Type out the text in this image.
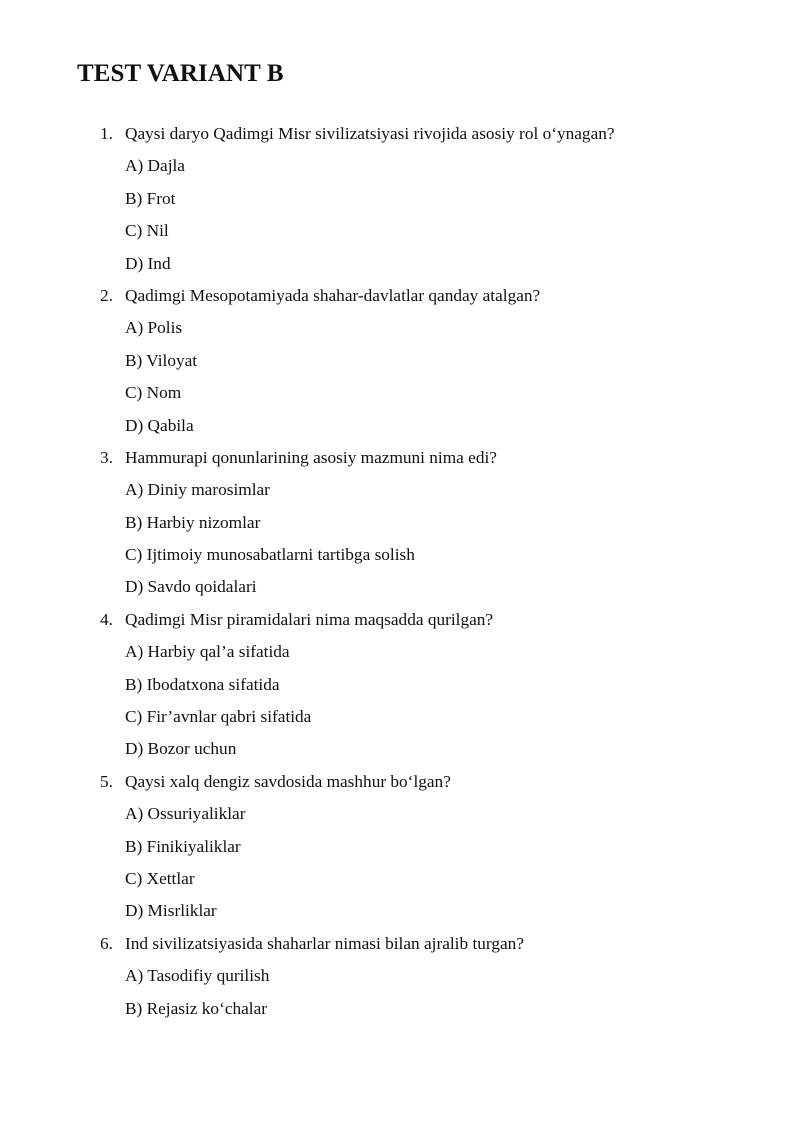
TEST VARIANT B
1. Qaysi daryo Qadimgi Misr sivilizatsiyasi rivojida asosiy rol o‘ynagan?
A) Dajla
B) Frot
C) Nil
D) Ind
2. Qadimgi Mesopotamiyada shahar-davlatlar qanday atalgan?
A) Polis
B) Viloyat
C) Nom
D) Qabila
3. Hammurapi qonunlarining asosiy mazmuni nima edi?
A) Diniy marosimlar
B) Harbiy nizomlar
C) Ijtimoiy munosabatlarni tartibga solish
D) Savdo qoidalari
4. Qadimgi Misr piramidalari nima maqsadda qurilgan?
A) Harbiy qal’a sifatida
B) Ibodatxona sifatida
C) Fir’avnlar qabri sifatida
D) Bozor uchun
5. Qaysi xalq dengiz savdosida mashhur bo‘lgan?
A) Ossuriyaliklar
B) Finikiyaliklar
C) Xettlar
D) Misrliklar
6. Ind sivilizatsiyasida shaharlar nimasi bilan ajralib turgan?
A) Tasodifiy qurilish
B) Rejasiz ko‘chalar
